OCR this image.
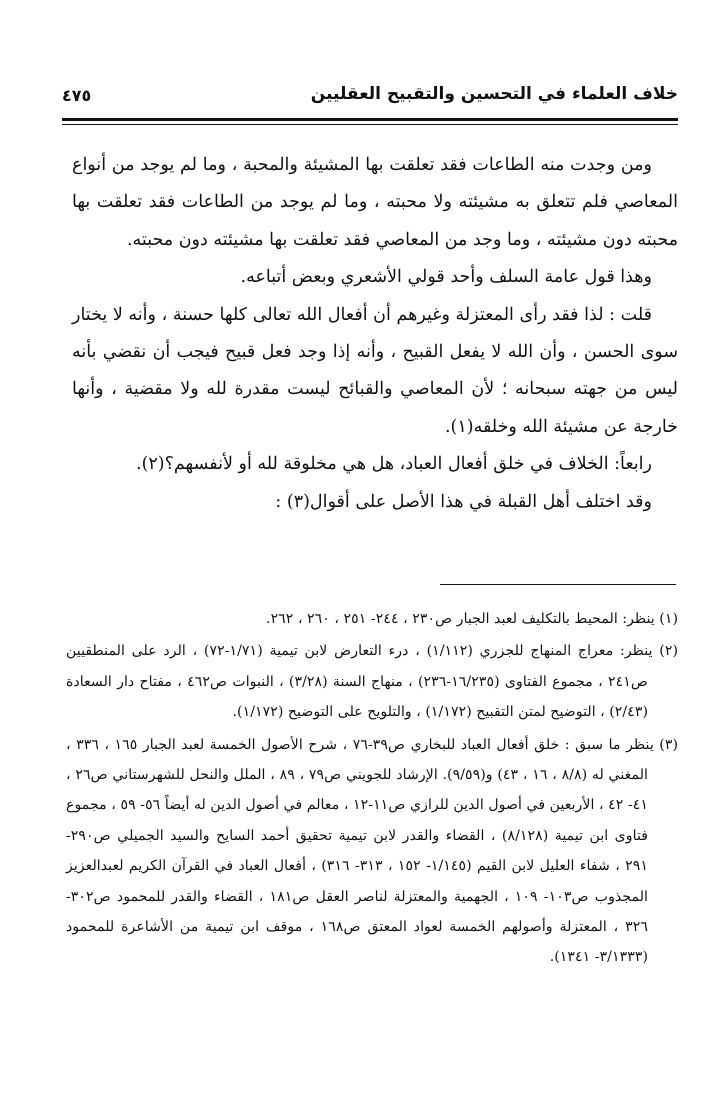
خلاف العلماء في التحسين والتقبيح العقليين
٤٧٥

ومن وجدت منه الطاعات فقد تعلقت بها المشيئة والمحبة ، وما لم يوجد من أنواع المعاصي فلم تتعلق به مشيئته ولا محبته ، وما لم يوجد من الطاعات فقد تعلقت بها محبته دون مشيئته ، وما وجد من المعاصي فقد تعلقت بها مشيئته دون محبته.

وهذا قول عامة السلف وأحد قولي الأشعري وبعض أتباعه.

قلت : لذا فقد رأى المعتزلة وغيرهم أن أفعال الله تعالى كلها حسنة ، وأنه لا يختار سوى الحسن ، وأن الله لا يفعل القبيح ، وأنه إذا وجد فعل قبيح فيجب أن نقضي بأنه ليس من جهته سبحانه ؛ لأن المعاصي والقبائح ليست مقدرة لله ولا مقضية ، وأنها خارجة عن مشيئة الله وخلقه(١).

رابعاً: الخلاف في خلق أفعال العباد، هل هي مخلوقة لله أو لأنفسهم؟(٢).

وقد اختلف أهل القبلة في هذا الأصل على أقوال(٣) :

(١) ينظر: المحيط بالتكليف لعبد الجبار ص٢٣٠ ، ٢٤٤- ٢٥١ ، ٢٦٠ ، ٢٦٢.

(٢) ينظر: معراج المنهاج للجزري (١/١١٢) ، درء التعارض لابن تيمية (١/٧١-٧٢) ، الرد على المنطقيين ص٢٤١ ، مجموع الفتاوى (١٦/٢٣٥-٢٣٦) ، منهاج السنة (٣/٢٨) ، النبوات ص٤٦٢ ، مفتاح دار السعادة (٢/٤٣) ، التوضيح لمتن التقبيح (١/١٧٢) ، والتلويح على التوضيح (١/١٧٢).

(٣) ينظر ما سبق : خلق أفعال العباد للبخاري ص٣٩-٧٦ ، شرح الأصول الخمسة لعبد الجبار ١٦٥ ، ٣٣٦ ، المغني له (٨/٨ ، ١٦ ، ٤٣) و(٩/٥٩). الإرشاد للجويني ص٧٩ ، ٨٩ ، الملل والنحل للشهرستاني ص٢٦ ، ٤١- ٤٢ ، الأربعين في أصول الدين للرازي ص١١-١٢ ، معالم في أصول الدين له أيضاً ٥٦- ٥٩ ، مجموع فتاوى ابن تيمية (٨/١٢٨) ، القضاء والقدر لابن تيمية تحقيق أحمد السايح والسيد الجميلي ص٢٩٠- ٢٩١ ، شفاء العليل لابن القيم (١/١٤٥- ١٥٢ ، ٣١٣- ٣١٦) ، أفعال العباد في القرآن الكريم لعبدالعزيز المجذوب ص١٠٣- ١٠٩ ، الجهمية والمعتزلة لناصر العقل ص١٨١ ، القضاء والقدر للمحمود ص٣٠٢- ٣٢٦ ، المعتزلة وأصولهم الخمسة لعواد المعتق ص١٦٨ ، موقف ابن تيمية من الأشاعرة للمحمود (٣/١٣٣٣- ١٣٤١).
